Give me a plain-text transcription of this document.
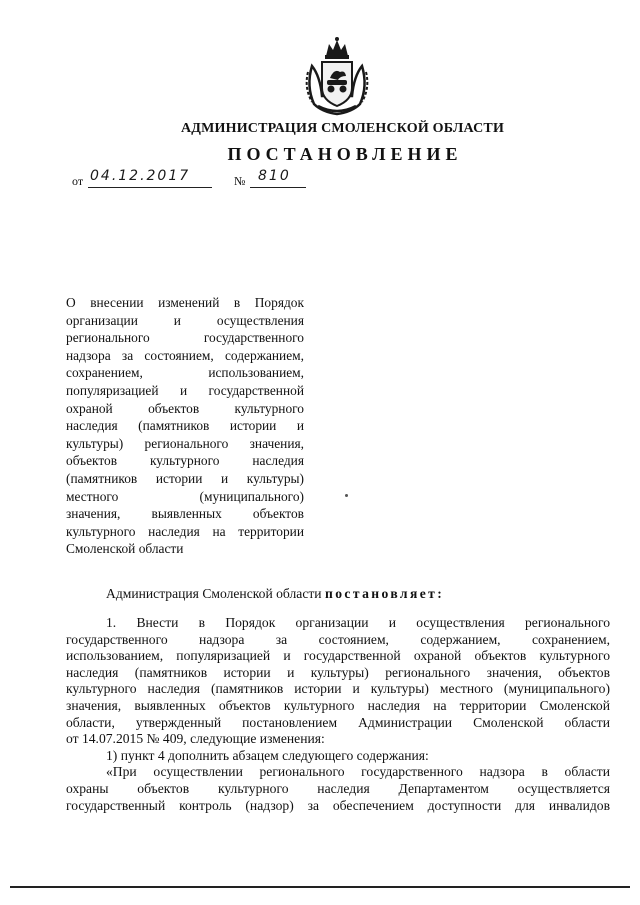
АДМИНИСТРАЦИЯ СМОЛЕНСКОЙ ОБЛАСТИ
ПОСТАНОВЛЕНИЕ
от 04.12.2017	№ 810
О внесении изменений в Порядок
организации и осуществления
регионального государственного
надзора за состоянием, содержанием,
сохранением, использованием,
популяризацией и государственной
охраной объектов культурного
наследия (памятников истории и
культуры) регионального значения,
объектов культурного наследия
(памятников истории и культуры)
местного (муниципального)
значения, выявленных объектов
культурного наследия на территории
Смоленской области
Администрация Смоленской области постановляет:
1. Внести в Порядок организации и осуществления регионального
государственного надзора за состоянием, содержанием, сохранением,
использованием, популяризацией и государственной охраной объектов культурного
наследия (памятников истории и культуры) регионального значения, объектов
культурного наследия (памятников истории и культуры) местного (муниципального)
значения, выявленных объектов культурного наследия на территории Смоленской
области, утвержденный постановлением Администрации Смоленской области
от 14.07.2015 № 409, следующие изменения:
1) пункт 4 дополнить абзацем следующего содержания:
«При осуществлении регионального государственного надзора в области
охраны объектов культурного наследия Департаментом осуществляется
государственный контроль (надзор) за обеспечением доступности для инвалидов
